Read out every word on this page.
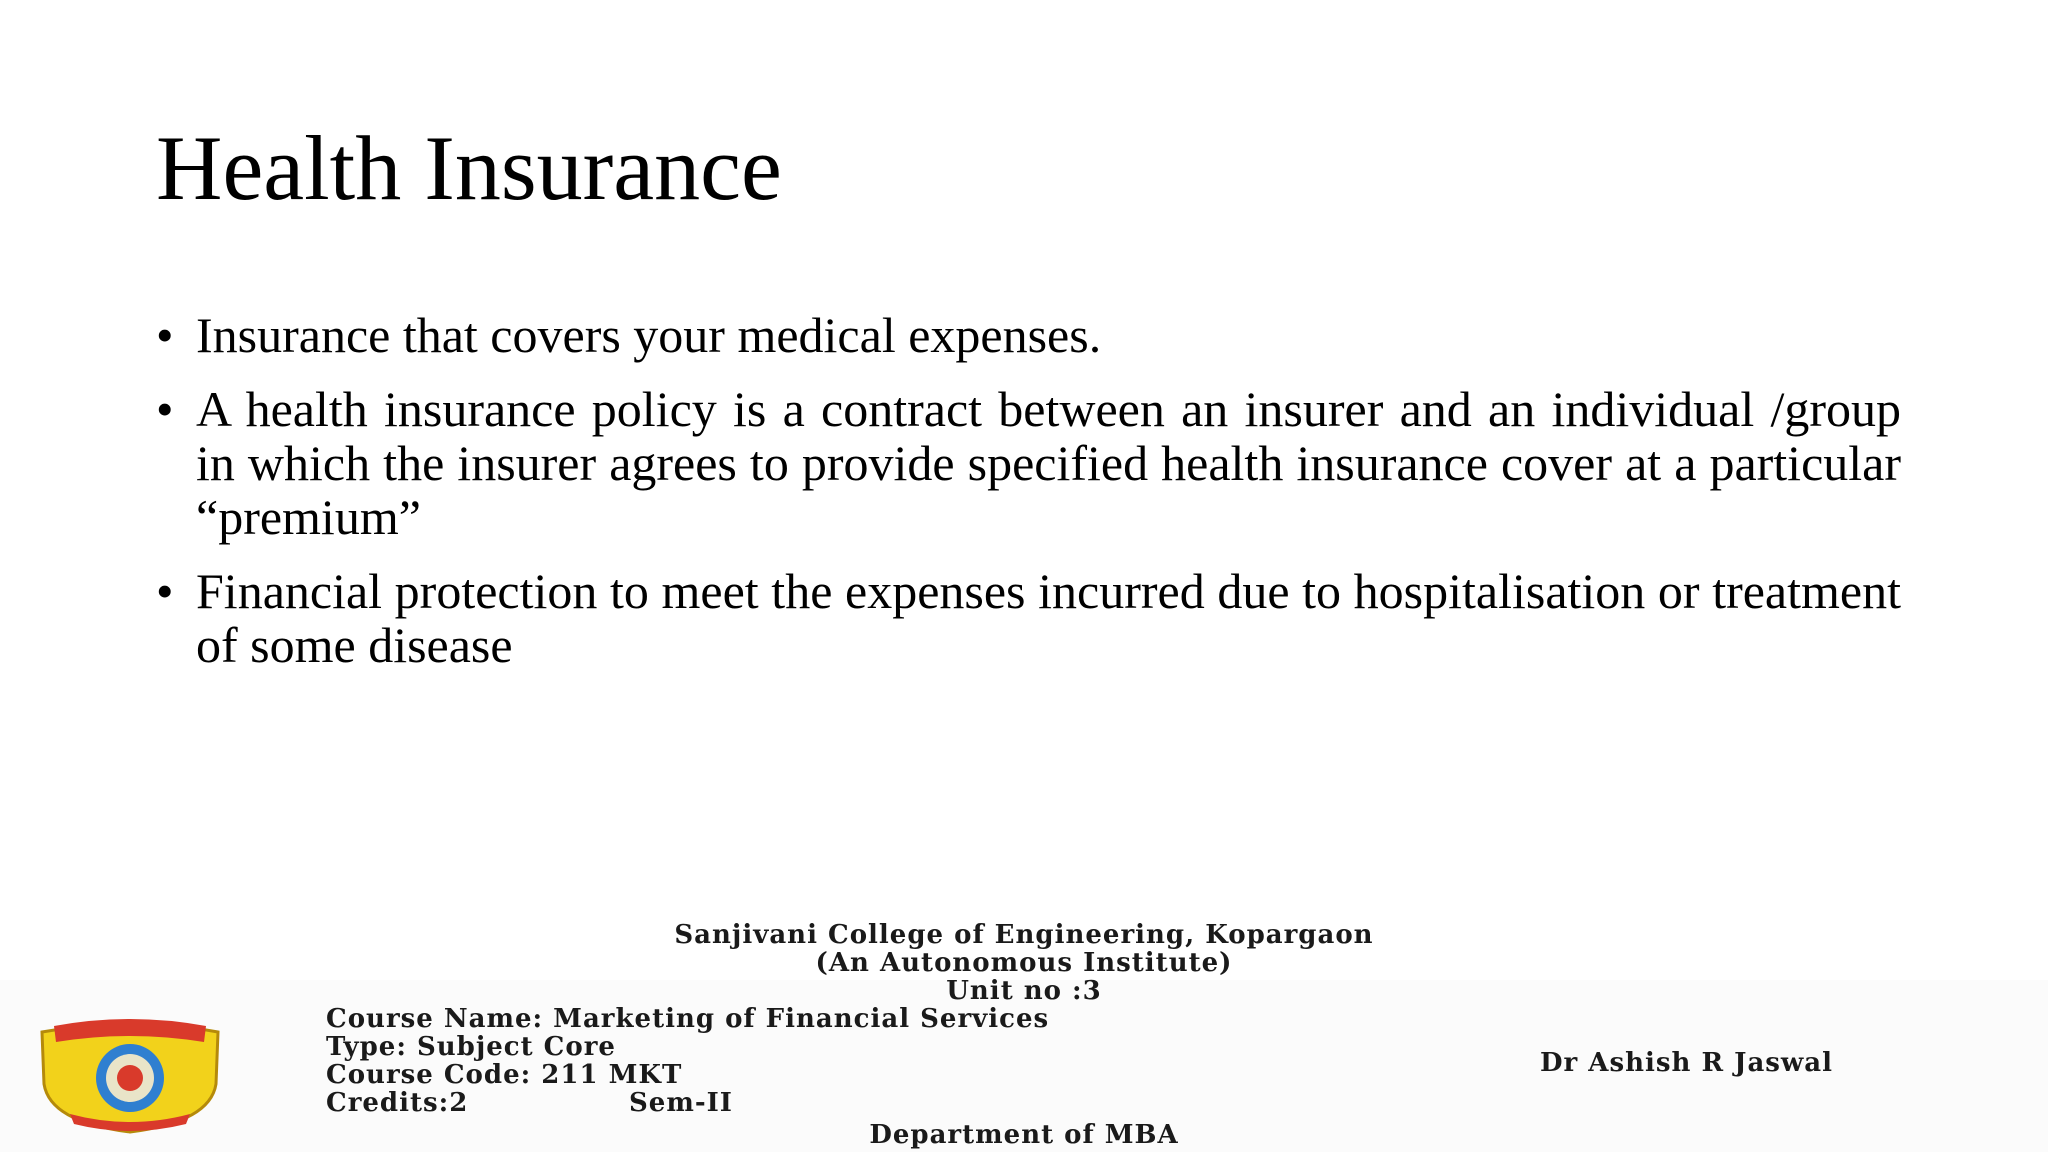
Health Insurance
• Insurance that covers your medical expenses.
• A health insurance policy is a contract between an insurer and an individual /group in which the insurer agrees to provide specified health insurance cover at a particular “premium”
• Financial protection to meet the expenses incurred due to hospitalisation or treatment of some disease
Sanjivani College of Engineering, Kopargaon
(An Autonomous Institute)
Unit no :3
Course Name: Marketing of Financial Services
Type: Subject Core
Course Code: 211 MKT
Credits:2	Sem-II
Department of MBA
Dr Ashish R Jaswal
